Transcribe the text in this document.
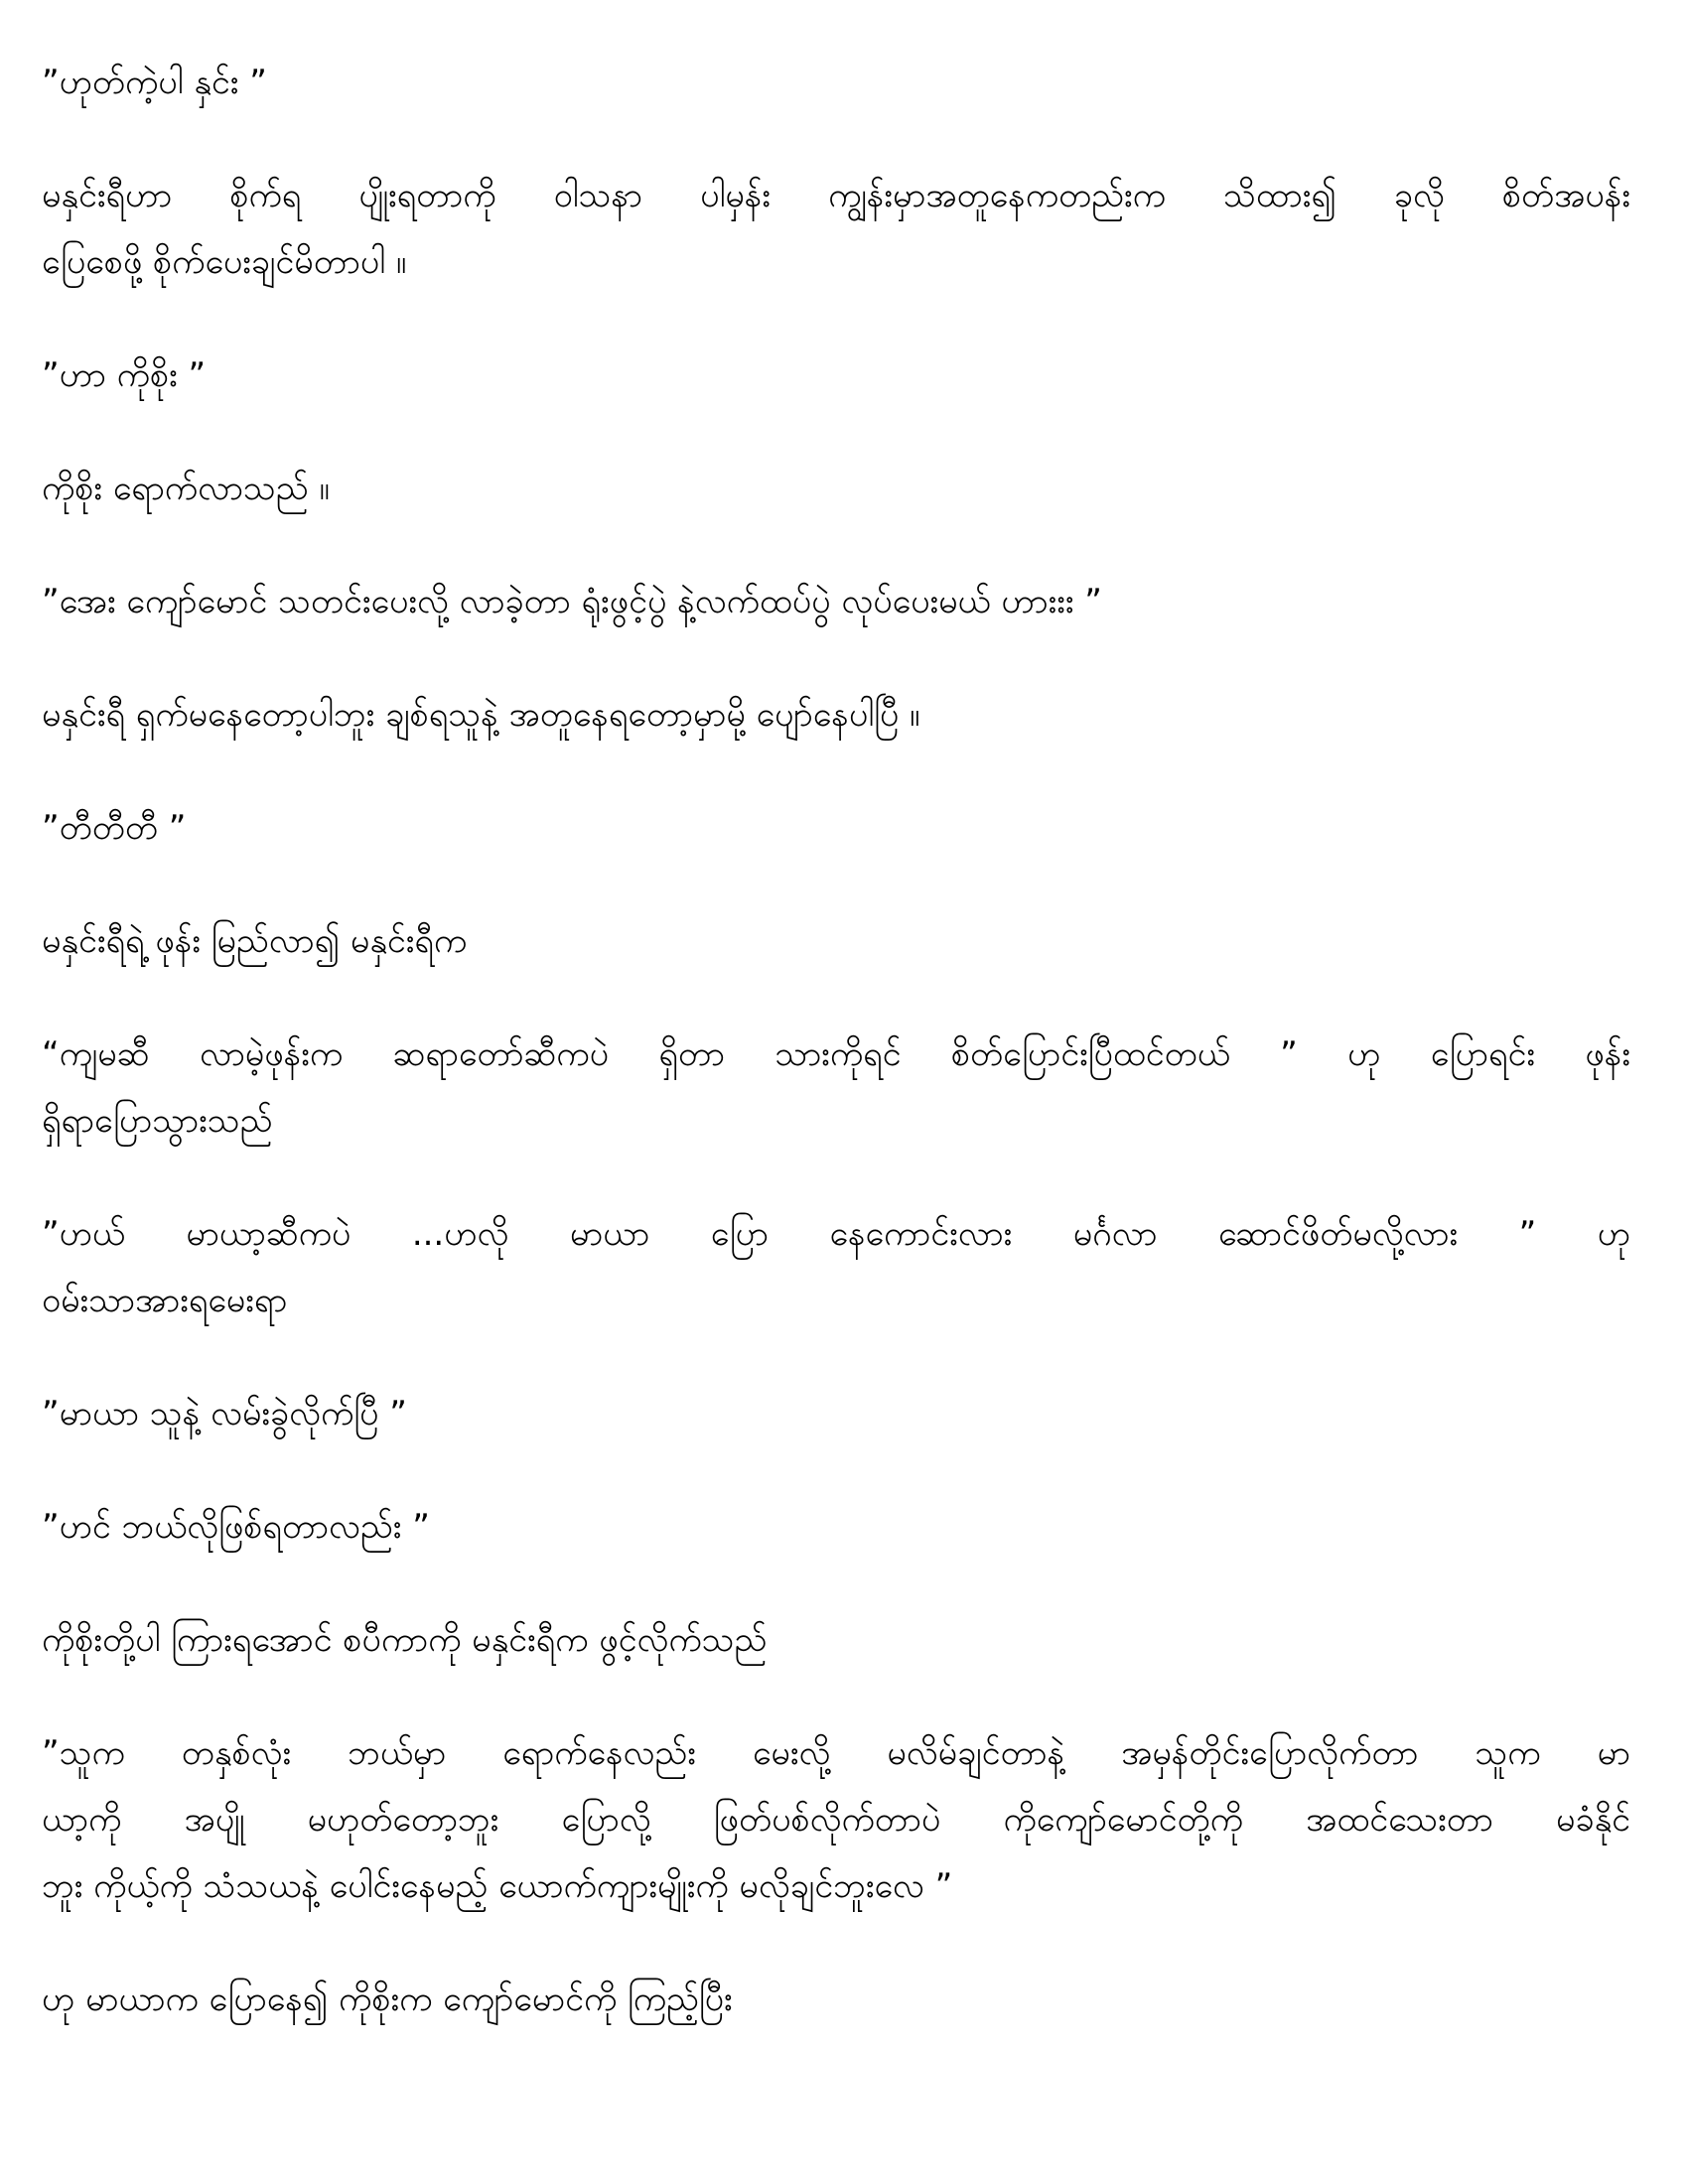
”ဟုတ်ကဲ့ပါ နှင်း ”
မနှင်းရီဟာ စိုက်ရ ပျိုးရတာကို ဝါသနာ ပါမှန်း ကျွန်းမှာအတူနေကတည်းက သိထား၍ ခုလို စိတ်အပန်း
ပြေစေဖို့ စိုက်ပေးချင်မိတာပါ ။
”ဟာ ကိုစိုး ”
ကိုစိုး ရောက်လာသည် ။
”အေး ကျော်မောင် သတင်းပေးလို့ လာခဲ့တာ ရုံးဖွင့်ပွဲ နဲ့လက်ထပ်ပွဲ လုပ်ပေးမယ် ဟားးး ”
မနှင်းရီ ရှက်မနေတော့ပါဘူး ချစ်ရသူနဲ့ အတူနေရတော့မှာမို့ ပျော်နေပါပြီ ။
”တီတီတီ ”
မနှင်းရီရဲ့ ဖုန်း မြည်လာ၍ မနှင်းရီက
“ကျမဆီ လာမဲ့ဖုန်းက ဆရာတော်ဆီကပဲ ရှိတာ သားကိုရင် စိတ်ပြောင်းပြီထင်တယ် ” ဟု ပြောရင်း ဖုန်း
ရှိရာပြောသွားသည်
”ဟယ် မာယာ့ဆီကပဲ ...ဟလို မာယာ ပြော နေကောင်းလား မင်္ဂလာ ဆောင်ဖိတ်မလို့လား ” ဟု
ဝမ်းသာအားရမေးရာ
”မာယာ သူနဲ့ လမ်းခွဲလိုက်ပြီ ”
”ဟင် ဘယ်လိုဖြစ်ရတာလည်း ”
ကိုစိုးတို့ပါ ကြားရအောင် စပီကာကို မနှင်းရီက ဖွင့်လိုက်သည်
”သူက တနှစ်လုံး ဘယ်မှာ ရောက်နေလည်း မေးလို့ မလိမ်ချင်တာနဲ့ အမှန်တိုင်းပြောလိုက်တာ သူက မာ
ယာ့ကို အပျို မဟုတ်တော့ဘူး ပြောလို့ ဖြတ်ပစ်လိုက်တာပဲ ကိုကျော်မောင်တို့ကို အထင်သေးတာ မခံနိုင်
ဘူး ကိုယ့်ကို သံသယနဲ့ ပေါင်းနေမည့် ယောက်ကျားမျိုးကို မလိုချင်ဘူးလေ ”
ဟု မာယာက ပြောနေ၍ ကိုစိုးက ကျော်မောင်ကို ကြည့်ပြီး
